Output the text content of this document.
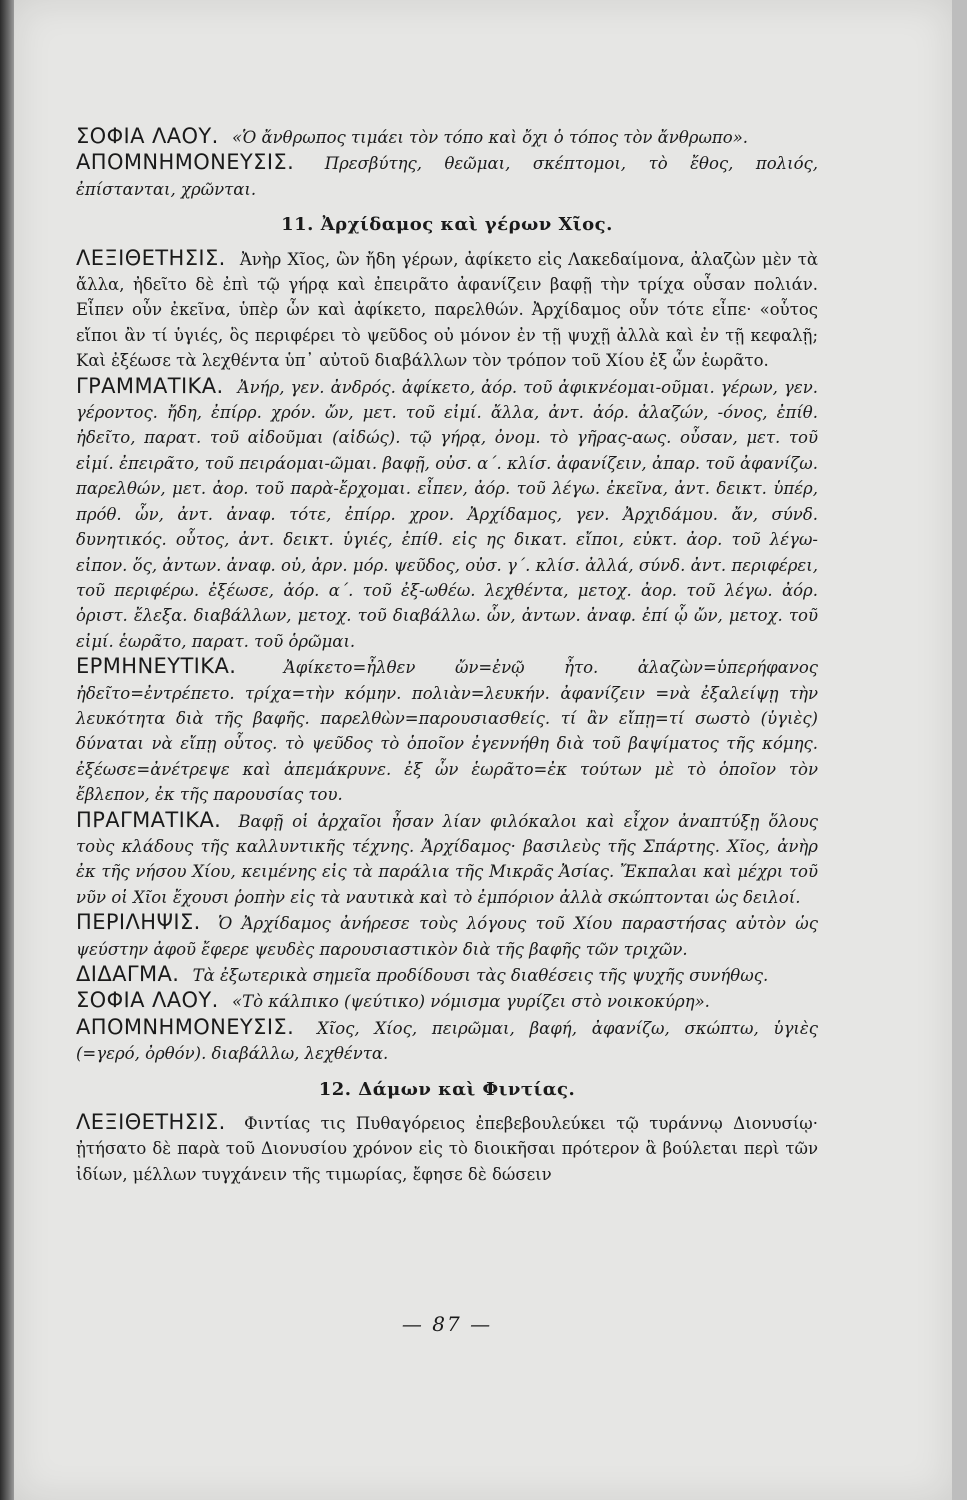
ΣΟΦΙΑ ΛΑΟΥ. «Ὁ ἄνθρωπος τιμάει τὸν τόπο καὶ ὄχι ὁ τόπος τὸν ἄνθρωπο».

ΑΠΟΜΝΗΜΟΝΕΥΣΙΣ. Πρεσβύτης, θεῶμαι, σκέπτομοι, τὸ ἔθος, πολιός, ἐπίστανται, χρῶνται.

11. Ἀρχίδαμος καὶ γέρων Χῖος.

ΛΕΞΙΘΕΤΗΣΙΣ. Ἀνὴρ Χῖος, ὢν ἤδη γέρων, ἀφίκετο εἰς Λακεδαίμονα, ἀλαζὼν μὲν τὰ ἄλλα, ἠδεῖτο δὲ ἐπὶ τῷ γήρᾳ καὶ ἐπειρᾶτο ἀφανίζειν βαφῇ τὴν τρίχα οὖσαν πολιάν. Εἶπεν οὖν ἐκεῖνα, ὑπὲρ ὧν καὶ ἀφίκετο, παρελθών. Ἀρχίδαμος οὖν τότε εἶπε· «οὗτος εἴποι ἂν τί ὑγιές, ὃς περιφέρει τὸ ψεῦδος οὐ μόνον ἐν τῇ ψυχῇ ἀλλὰ καὶ ἐν τῇ κεφαλῇ; Καὶ ἐξέωσε τὰ λεχθέντα ὑπ᾿ αὐτοῦ διαβάλλων τὸν τρόπον τοῦ Χίου ἐξ ὧν ἑωρᾶτο.

ΓΡΑΜΜΑΤΙΚΑ. Ἀνήρ, γεν. ἀνδρός. ἀφίκετο, ἀόρ. τοῦ ἀφικνέομαι-οῦμαι. γέρων, γεν. γέροντος. ἤδη, ἐπίρρ. χρόν. ὤν, μετ. τοῦ εἰμί. ἄλλα, ἀντ. ἀόρ. ἀλαζών, -όνος, ἐπίθ. ἠδεῖτο, παρατ. τοῦ αἰδοῦμαι (αἰδώς). τῷ γήρᾳ, ὀνομ. τὸ γῆρας-αως. οὖσαν, μετ. τοῦ εἰμί. ἐπειρᾶτο, τοῦ πειράομαι-ῶμαι. βαφῇ, οὐσ. α΄. κλίσ. ἀφανίζειν, ἀπαρ. τοῦ ἀφανίζω. παρελθών, μετ. ἀορ. τοῦ παρὰ-ἔρχομαι. εἶπεν, ἀόρ. τοῦ λέγω. ἐκεῖνα, ἀντ. δεικτ. ὑπέρ, πρόθ. ὧν, ἀντ. ἀναφ. τότε, ἐπίρρ. χρον. Ἀρχίδαμος, γεν. Ἀρχιδάμου. ἄν, σύνδ. δυνητικός. οὗτος, ἀντ. δεικτ. ὑγιές, ἐπίθ. εἰς ης δικατ. εἴποι, εὐκτ. ἀορ. τοῦ λέγω-εἰπον. ὅς, ἀντων. ἀναφ. οὐ, ἀρν. μόρ. ψεῦδος, οὐσ. γ΄. κλίσ. ἀλλά, σύνδ. ἀντ. περιφέρει, τοῦ περιφέρω. ἐξέωσε, ἀόρ. α΄. τοῦ ἐξ-ωθέω. λεχθέντα, μετοχ. ἀορ. τοῦ λέγω. ἀόρ. ὁριστ. ἔλεξα. διαβάλλων, μετοχ. τοῦ διαβάλλω. ὧν, ἀντων. ἀναφ. ἐπί ᾧ ὤν, μετοχ. τοῦ εἰμί. ἑωρᾶτο, παρατ. τοῦ ὁρῶμαι.

ΕΡΜΗΝΕΥΤΙΚΑ.	Ἀφίκετο=ἦλθεν ὤν=ἐνῷ ἦτο. ἀλαζὼν=ὑπερήφανος ἠδεῖτο=ἐντρέπετο. τρίχα=τὴν κόμην. πολιὰν=λευκήν. ἀφανίζειν =νὰ ἐξαλείψῃ τὴν λευκότητα διὰ τῆς βαφῆς. παρελθὼν=παρουσιασθείς. τί ἂν εἴπῃ=τί σωστὸ (ὑγιὲς) δύναται νὰ εἴπῃ οὗτος. τὸ ψεῦδος τὸ ὁποῖον ἐγεννήθη διὰ τοῦ βαψίματος τῆς κόμης. ἐξέωσε=ἀνέτρεψε καὶ ἀπεμάκρυνε. ἐξ ὧν ἑωρᾶτο=ἐκ τούτων μὲ τὸ ὁποῖον τὸν ἔβλεπον, ἐκ τῆς παρουσίας του.

ΠΡΑΓΜΑΤΙΚΑ. Βαφῇ οἱ ἀρχαῖοι ἦσαν λίαν φιλόκαλοι καὶ εἶχον ἀναπτύξῃ ὅλους τοὺς κλάδους τῆς καλλυντικῆς τέχνης. Ἀρχίδαμος· βασιλεὺς τῆς Σπάρτης. Χῖος, ἀνὴρ ἐκ τῆς νήσου Χίου, κειμένης εἰς τὰ παράλια τῆς Μικρᾶς Ἀσίας. Ἔκπαλαι καὶ μέχρι τοῦ νῦν οἱ Χῖοι ἔχουσι ῥοπὴν εἰς τὰ ναυτικὰ καὶ τὸ ἐμπόριον ἀλλὰ σκώπτονται ὡς δειλοί.

ΠΕΡΙΛΗΨΙΣ. Ὁ Ἀρχίδαμος ἀνήρεσε τοὺς λόγους τοῦ Χίου παραστήσας αὐτὸν ὡς ψεύστην ἀφοῦ ἔφερε ψευδὲς παρουσιαστικὸν διὰ τῆς βαφῆς τῶν τριχῶν.

ΔΙΔΑΓΜΑ. Τὰ ἐξωτερικὰ σημεῖα προδίδουσι τὰς διαθέσεις τῆς ψυχῆς συνήθως.

ΣΟΦΙΑ ΛΑΟΥ. «Τὸ κάλπικο (ψεύτικο) νόμισμα γυρίζει στὸ νοικοκύρη».

ΑΠΟΜΝΗΜΟΝΕΥΣΙΣ. Χῖος, Χίος, πειρῶμαι, βαφή, ἀφανίζω, σκώπτω, ὑγιὲς (=γερό, ὀρθόν). διαβάλλω, λεχθέντα.

12. Δάμων καὶ Φιντίας.

ΛΕΞΙΘΕΤΗΣΙΣ. Φιντίας τις Πυθαγόρειος ἐπεβεβουλεύκει τῷ τυράννῳ Διονυσίῳ· ᾐτήσατο δὲ παρὰ τοῦ Διονυσίου χρόνον εἰς τὸ διοικῆσαι πρότερον ἃ βούλεται περὶ τῶν ἰδίων, μέλλων τυγχάνειν τῆς τιμωρίας, ἔφησε δὲ δώσειν

— 87 —
